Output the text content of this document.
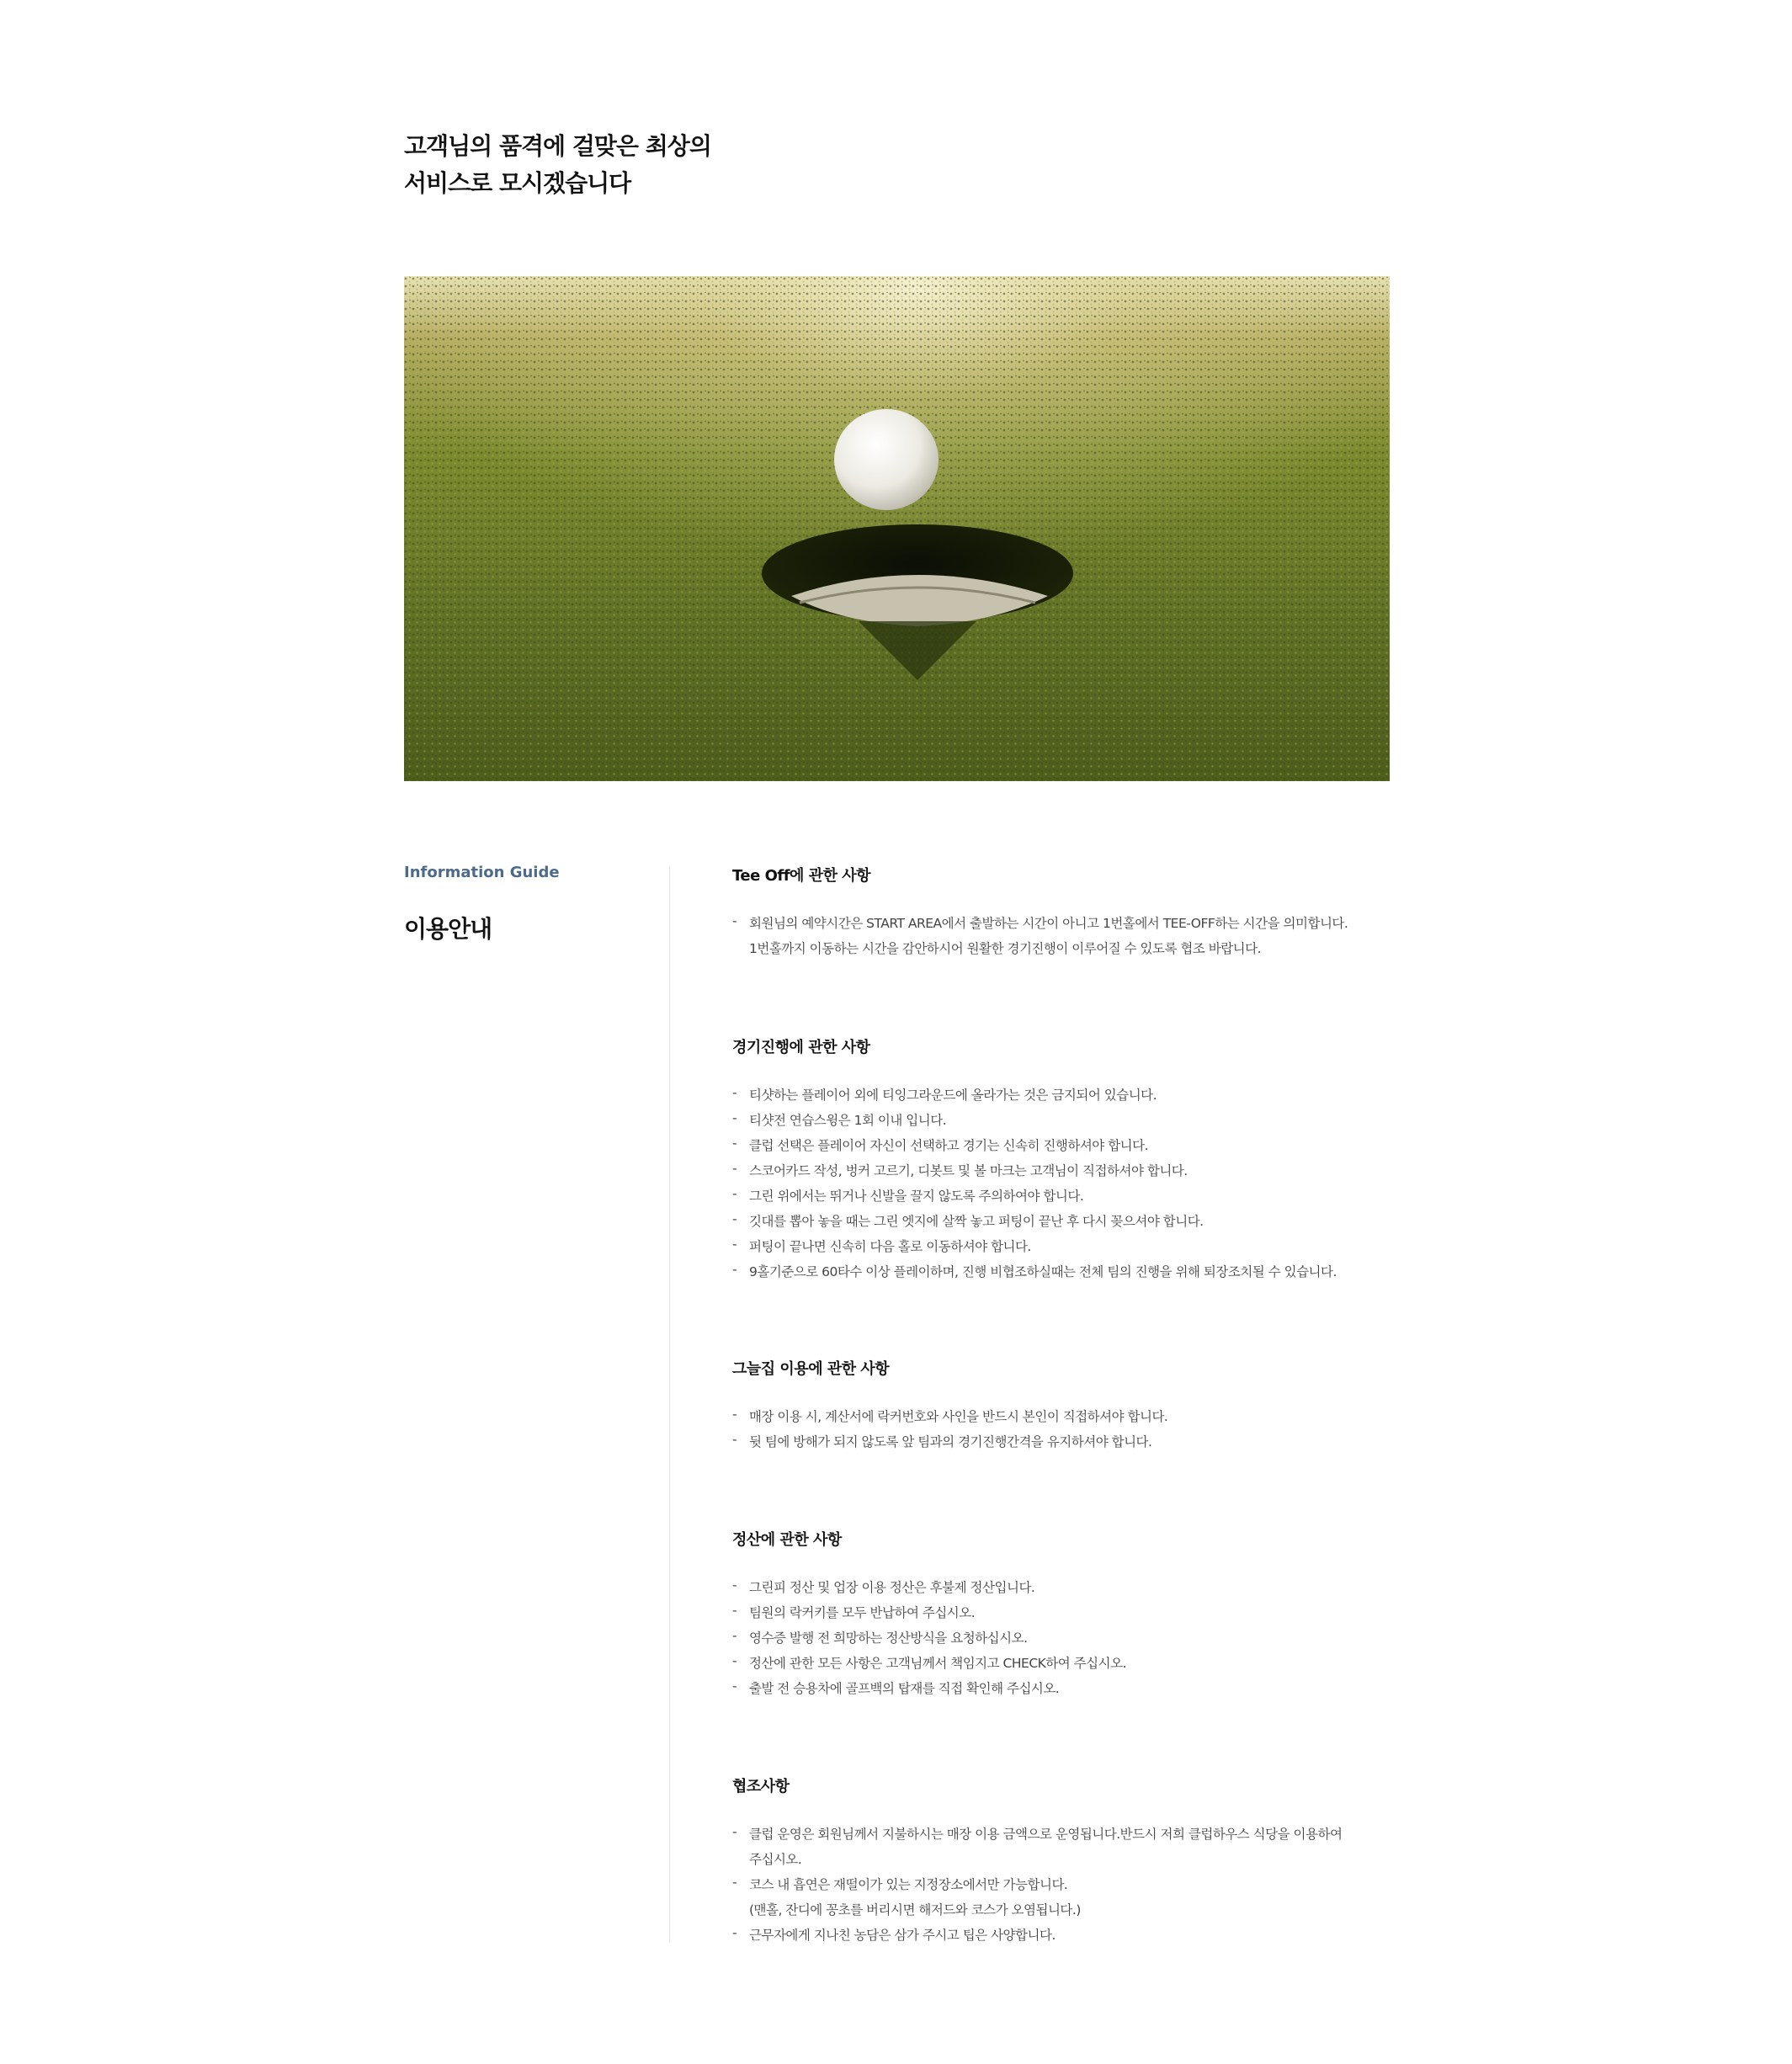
고객님의 품격에 걸맞은 최상의
서비스로 모시겠습니다
Information Guide
이용안내
Tee Off에 관한 사항
- 회원님의 예약시간은 START AREA에서 출발하는 시간이 아니고 1번홀에서 TEE-OFF하는 시간을 의미합니다.
1번홀까지 이동하는 시간을 감안하시어 원활한 경기진행이 이루어질 수 있도록 협조 바랍니다.
경기진행에 관한 사항
- 티샷하는 플레이어 외에 티잉그라운드에 올라가는 것은 금지되어 있습니다.
- 티샷전 연습스윙은 1회 이내 입니다.
- 클럽 선택은 플레이어 자신이 선택하고 경기는 신속히 진행하셔야 합니다.
- 스코어카드 작성, 벙커 고르기, 디봇트 및 볼 마크는 고객님이 직접하셔야 합니다.
- 그린 위에서는 뛰거나 신발을 끌지 않도록 주의하여야 합니다.
- 깃대를 뽑아 놓을 때는 그린 엣지에 살짝 놓고 퍼팅이 끝난 후 다시 꽂으셔야 합니다.
- 퍼팅이 끝나면 신속히 다음 홀로 이동하셔야 합니다.
- 9홀기준으로 60타수 이상 플레이하며, 진행 비협조하실때는 전체 팀의 진행을 위해 퇴장조치될 수 있습니다.
그늘집 이용에 관한 사항
- 매장 이용 시, 계산서에 락커번호와 사인을 반드시 본인이 직접하셔야 합니다.
- 뒷 팀에 방해가 되지 않도록 앞 팀과의 경기진행간격을 유지하셔야 합니다.
정산에 관한 사항
- 그린피 정산 및 업장 이용 정산은 후불제 정산입니다.
- 팀원의 락커키를 모두 반납하여 주십시오.
- 영수증 발행 전 희망하는 정산방식을 요청하십시오.
- 정산에 관한 모든 사항은 고객님께서 책임지고 CHECK하여 주십시오.
- 출발 전 승용차에 골프백의 탑재를 직접 확인해 주십시오.
협조사항
- 클럽 운영은 회원님께서 지불하시는 매장 이용 금액으로 운영됩니다.반드시 저희 클럽하우스 식당을 이용하여
주십시오.
- 코스 내 흡연은 재떨이가 있는 지정장소에서만 가능합니다.
(맨홀, 잔디에 꽁초를 버리시면 해저드와 코스가 오염됩니다.)
- 근무자에게 지나친 농담은 삼가 주시고 팁은 사양합니다.
